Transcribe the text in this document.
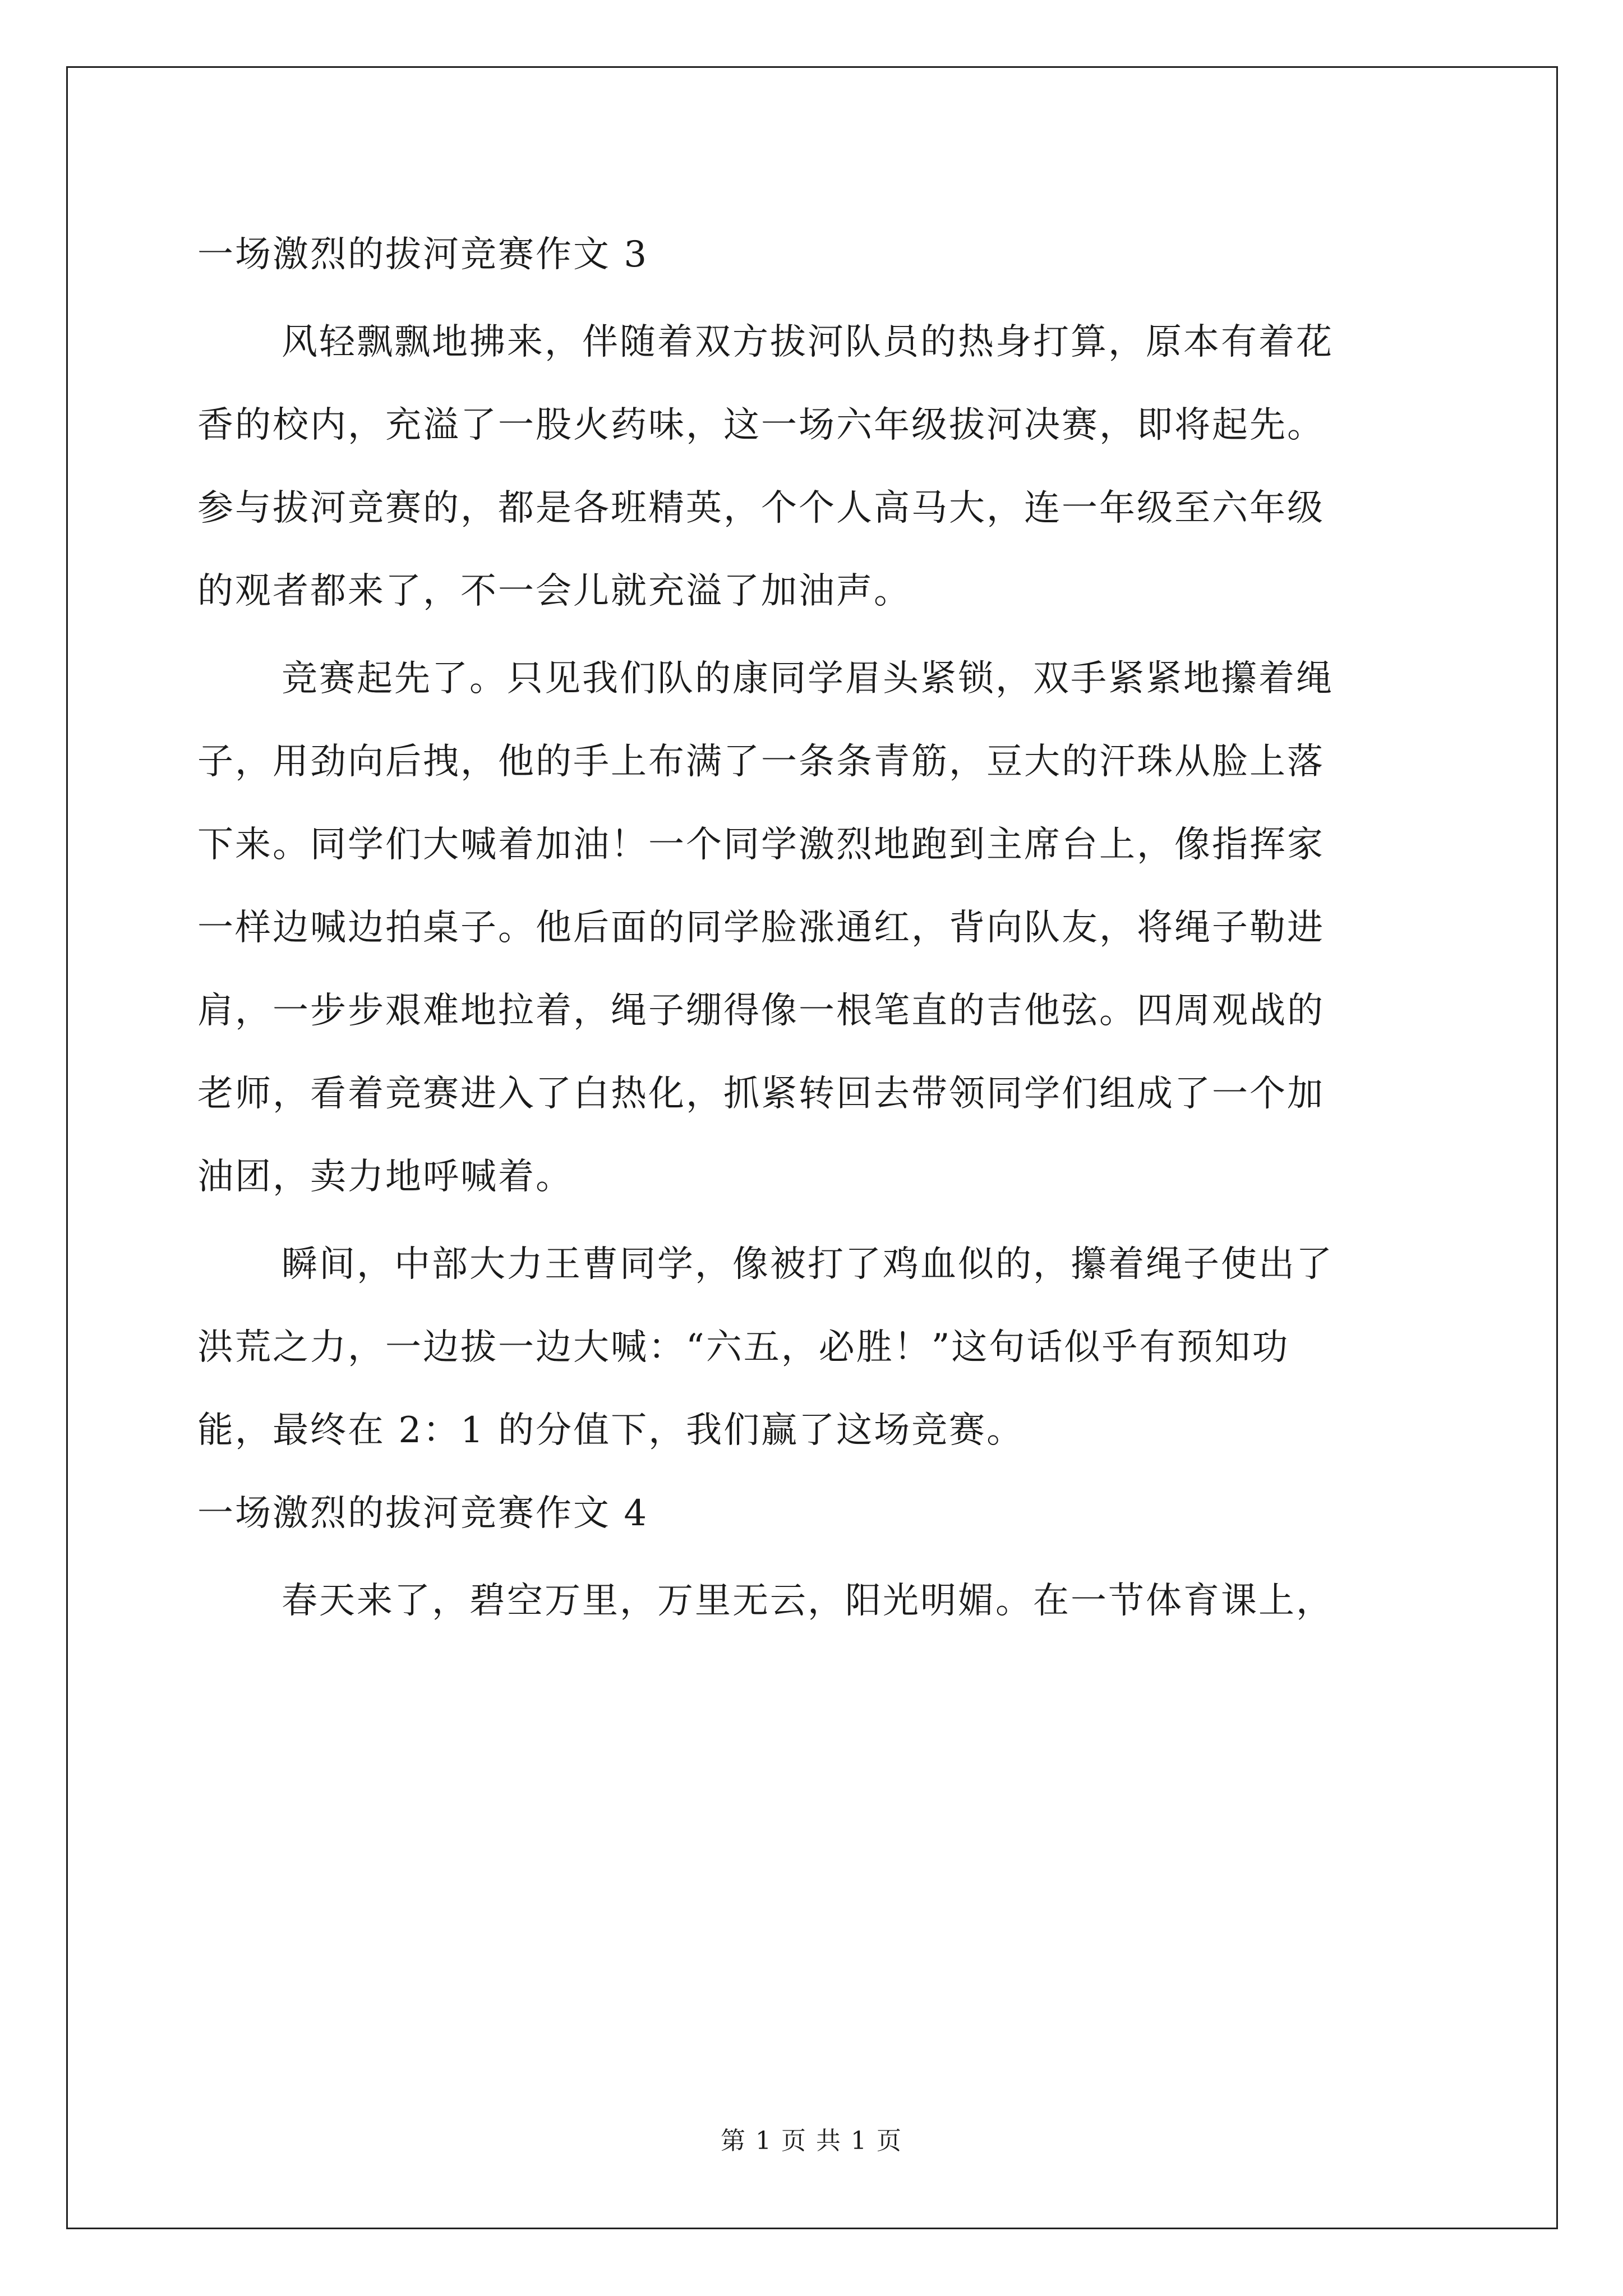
一场激烈的拔河竞赛作文 3
风轻飘飘地拂来，伴随着双方拔河队员的热身打算，原本有着花
香的校内，充溢了一股火药味，这一场六年级拔河决赛，即将起先。
参与拔河竞赛的，都是各班精英，个个人高马大，连一年级至六年级
的观者都来了，不一会儿就充溢了加油声。
竞赛起先了。只见我们队的康同学眉头紧锁，双手紧紧地攥着绳
子，用劲向后拽，他的手上布满了一条条青筋，豆大的汗珠从脸上落
下来。同学们大喊着加油！一个同学激烈地跑到主席台上，像指挥家
一样边喊边拍桌子。他后面的同学脸涨通红，背向队友，将绳子勒进
肩，一步步艰难地拉着，绳子绷得像一根笔直的吉他弦。四周观战的
老师，看着竞赛进入了白热化，抓紧转回去带领同学们组成了一个加
油团，卖力地呼喊着。
瞬间，中部大力王曹同学，像被打了鸡血似的，攥着绳子使出了
洪荒之力，一边拔一边大喊：“六五，必胜！”这句话似乎有预知功
能，最终在 2：1 的分值下，我们赢了这场竞赛。
一场激烈的拔河竞赛作文 4
春天来了，碧空万里，万里无云，阳光明媚。在一节体育课上，
第 1 页 共 1 页
